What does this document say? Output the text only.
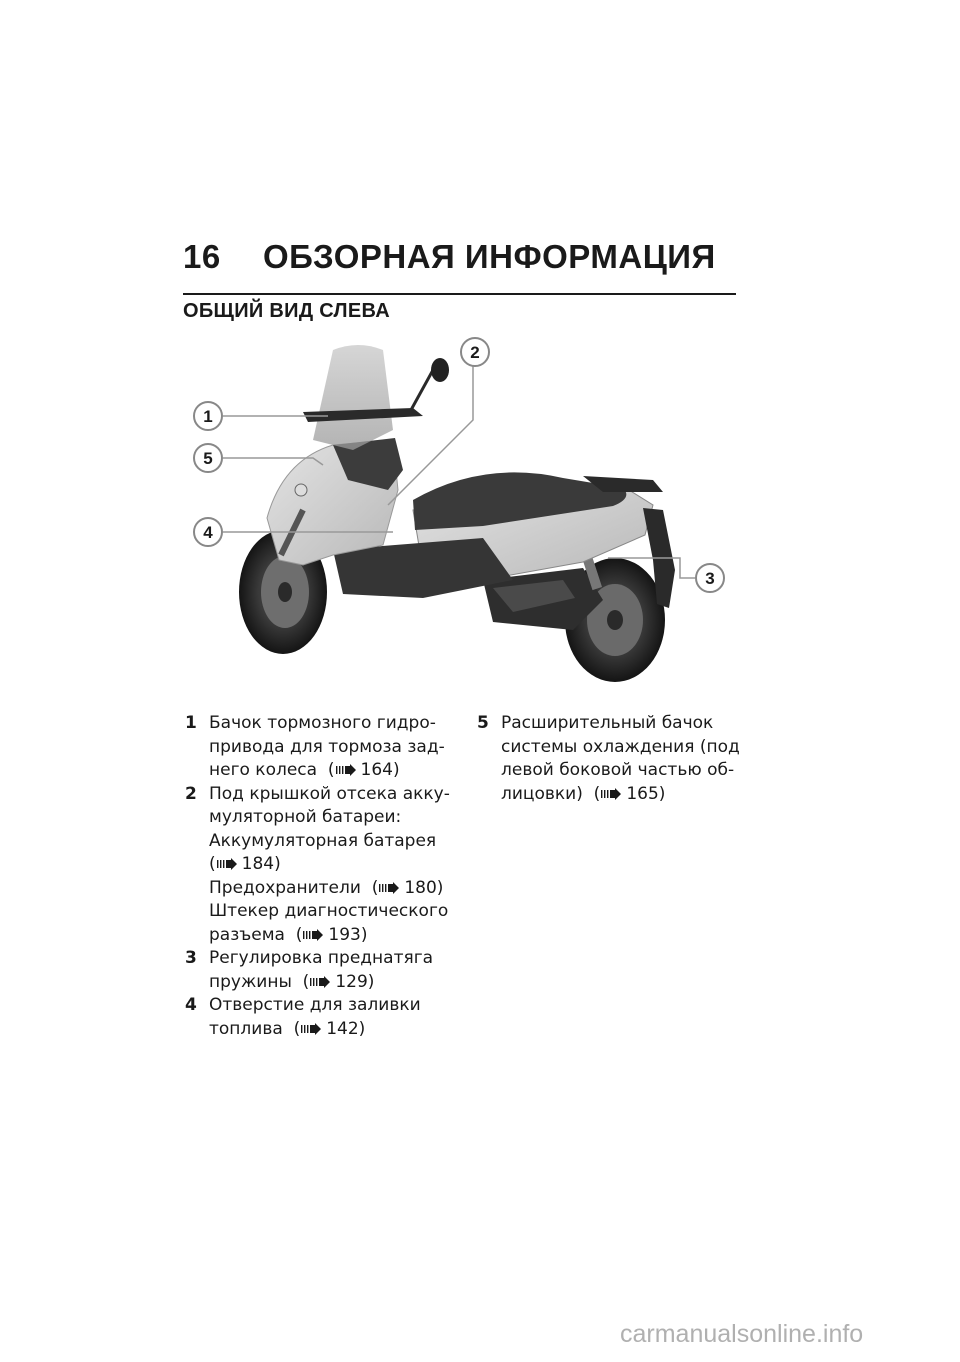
16	ОБЗОРНАЯ ИНФОРМАЦИЯ
ОБЩИЙ ВИД СЛЕВА
1
5
4
2
3
1 Бачок тормозного гидро-
привода для тормоза зад-
него колеса  ( 164)
2 Под крышкой отсека акку-
муляторной батареи:
Аккумуляторная батарея
( 184)
Предохранители  ( 180)
Штекер диагностического
разъема  ( 193)
3 Регулировка преднатяга
пружины  ( 129)
4 Отверстие для заливки
топлива  ( 142)
5 Расширительный бачок
системы охлаждения (под
левой боковой частью об-
лицовки)  ( 165)
carmanualsonline.info
